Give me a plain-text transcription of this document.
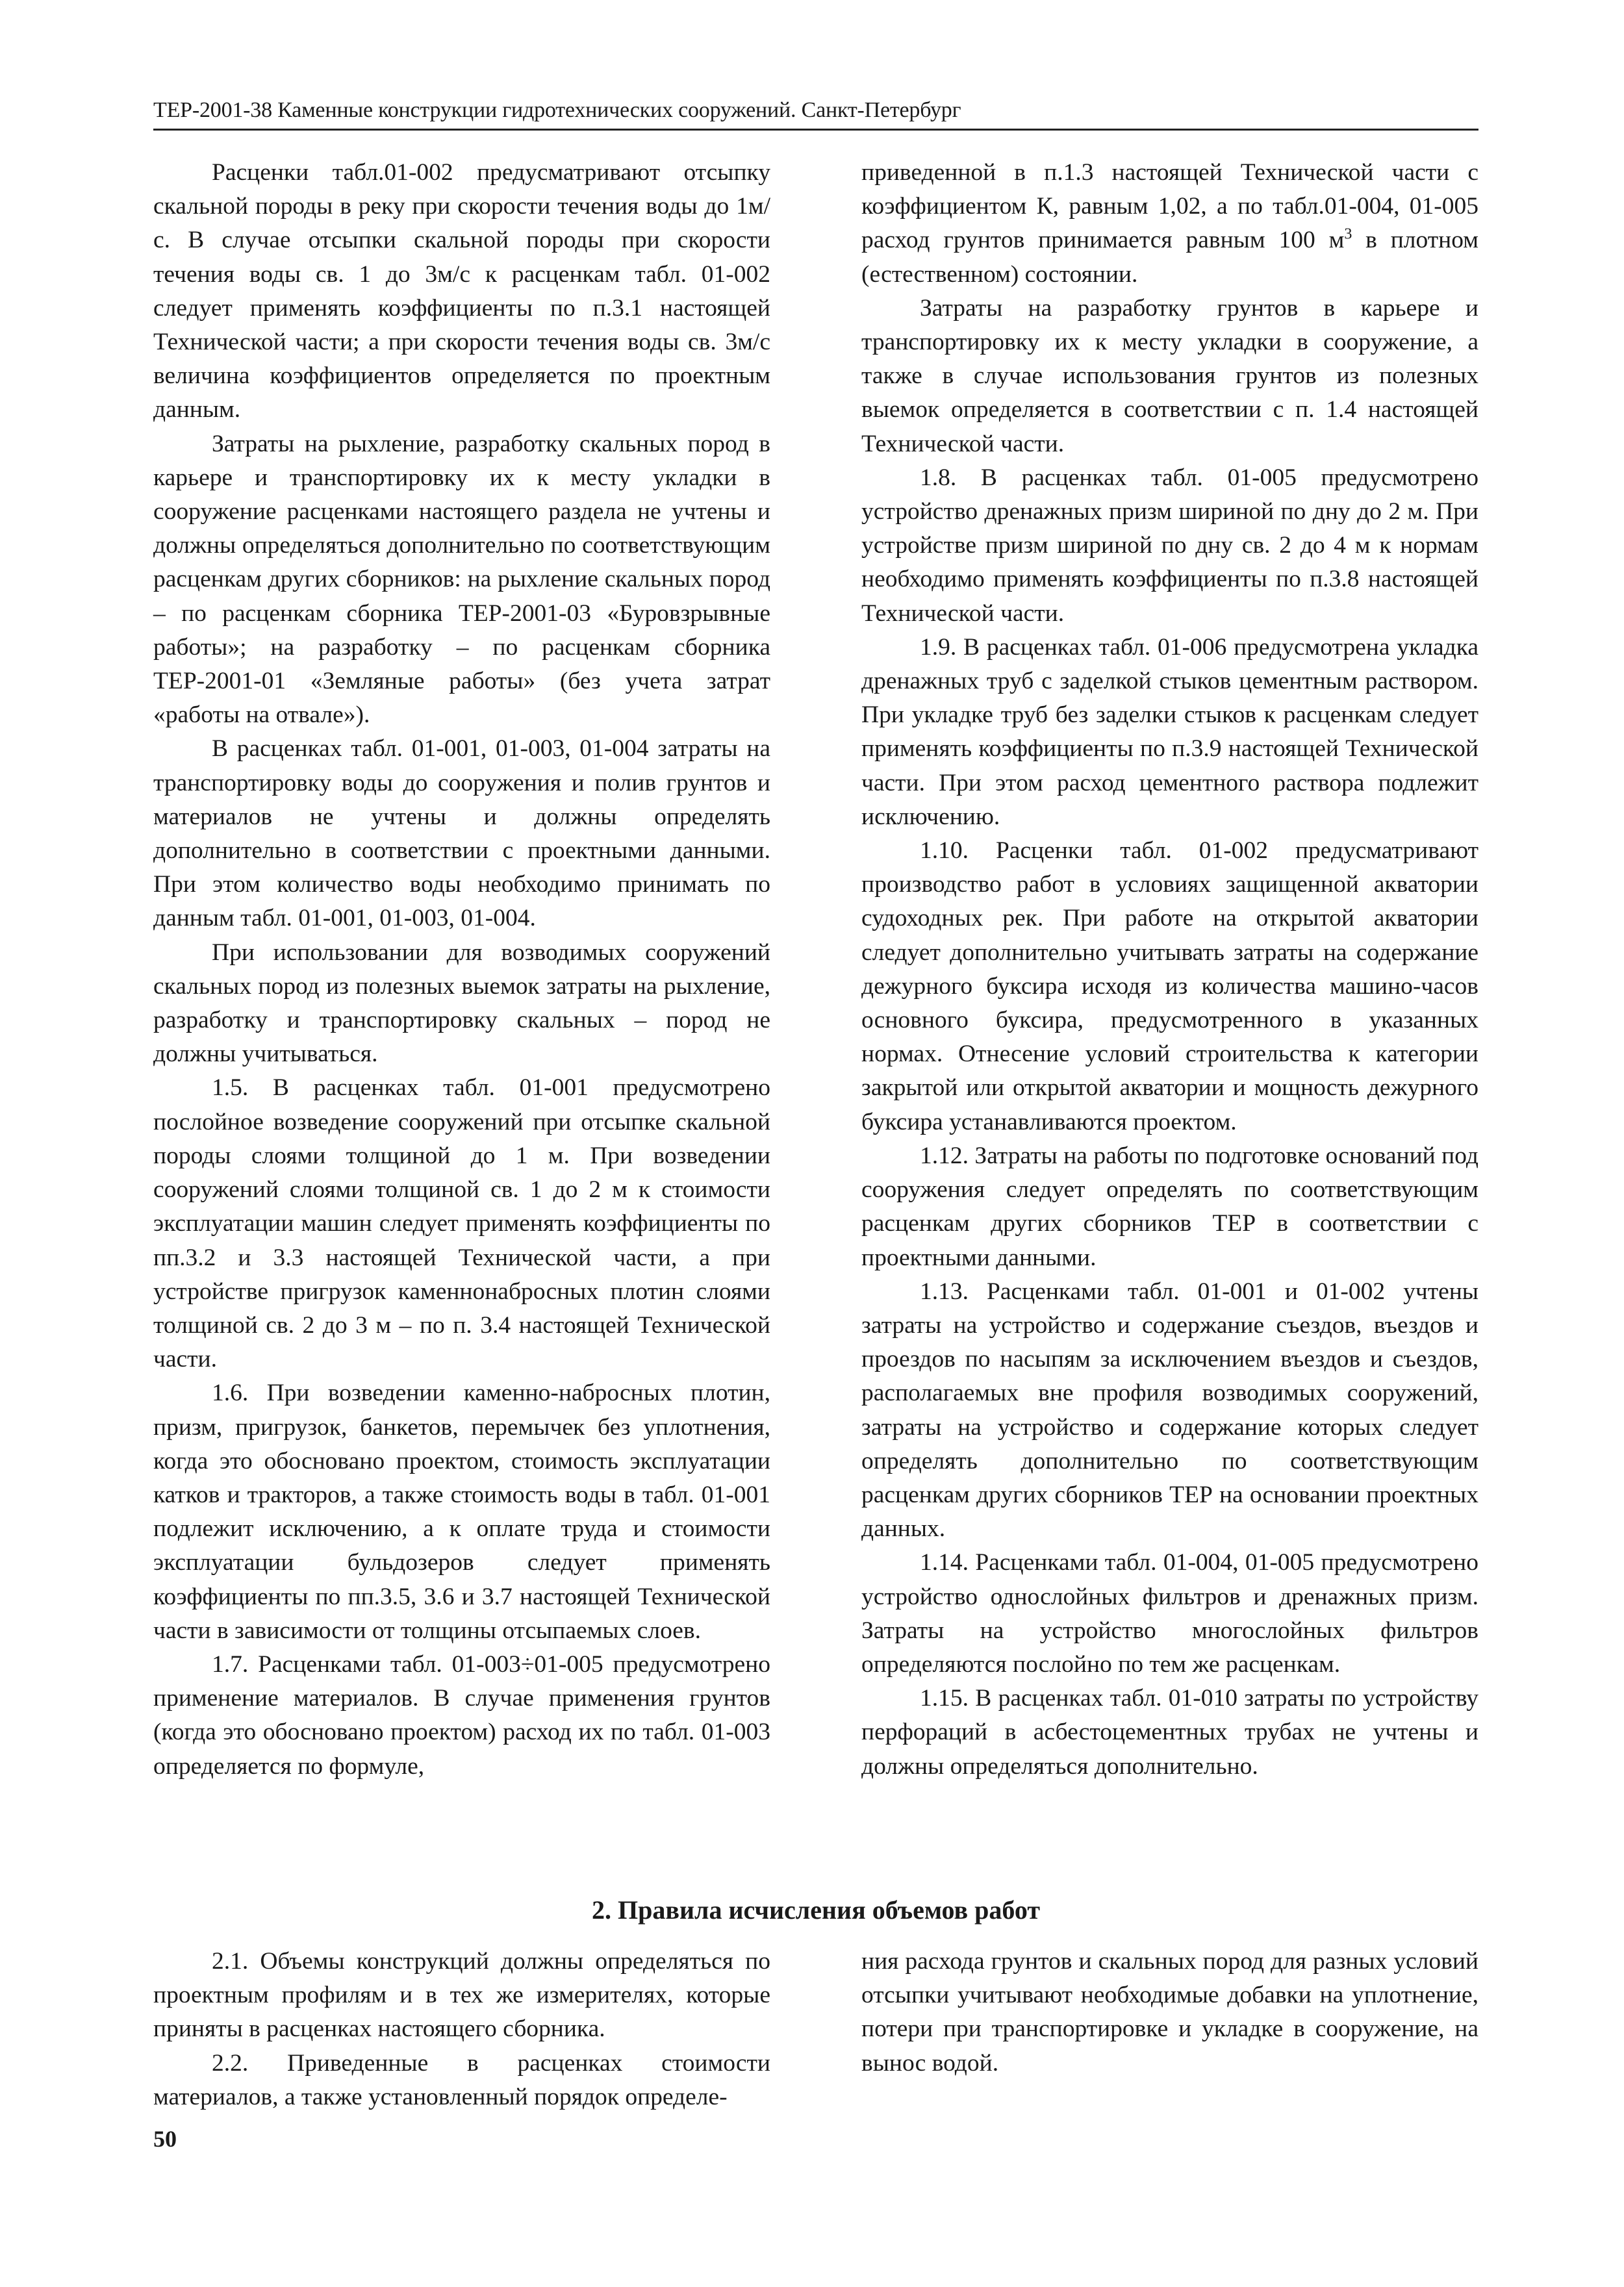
ТЕР-2001-38 Каменные конструкции гидротехнических сооружений. Санкт-Петербург

Расценки табл.01-002 предусматривают отсыпку скальной породы в реку при скорости течения воды до 1м/с. В случае отсыпки скальной породы при скорости течения воды св. 1 до 3м/с к расценкам табл. 01-002 следует применять коэффициенты по п.3.1 настоящей Технической части; а при скорости течения воды св. 3м/с величина коэффициентов определяется по проектным данным.

Затраты на рыхление, разработку скальных пород в карьере и транспортировку их к месту укладки в сооружение расценками настоящего раздела не учтены и должны определяться дополнительно по соответствующим расценкам других сборников: на рыхление скальных пород – по расценкам сборника ТЕР-2001-03 «Буровзрывные работы»; на разработку – по расценкам сборника ТЕР-2001-01 «Земляные работы» (без учета затрат «работы на отвале»).

В расценках табл. 01-001, 01-003, 01-004 затраты на транспортировку воды до сооружения и полив грунтов и материалов не учтены и должны определять дополнительно в соответствии с проектными данными. При этом количество воды необходимо принимать по данным табл. 01-001, 01-003, 01-004.

При использовании для возводимых сооружений скальных пород из полезных выемок затраты на рыхление, разработку и транспортировку скальных – пород не должны учитываться.

1.5. В расценках табл. 01-001 предусмотрено послойное возведение сооружений при отсыпке скальной породы слоями толщиной до 1 м. При возведении сооружений слоями толщиной св. 1 до 2 м к стоимости эксплуатации машин следует применять коэффициенты по пп.3.2 и 3.3 настоящей Технической части, а при устройстве пригрузок каменнонабросных плотин слоями толщиной св. 2 до 3 м – по п. 3.4 настоящей Технической части.

1.6. При возведении каменно-набросных плотин, призм, пригрузок, банкетов, перемычек без уплотнения, когда это обосновано проектом, стоимость эксплуатации катков и тракторов, а также стоимость воды в табл. 01-001 подлежит исключению, а к оплате труда и стоимости эксплуатации бульдозеров следует применять коэффициенты по пп.3.5, 3.6 и 3.7 настоящей Технической части в зависимости от толщины отсыпаемых слоев.

1.7. Расценками табл. 01-003÷01-005 предусмотрено применение материалов. В случае применения грунтов (когда это обосновано проектом) расход их по табл. 01-003 определяется по формуле,

приведенной в п.1.3 настоящей Технической части с коэффициентом К, равным 1,02, а по табл.01-004, 01-005 расход грунтов принимается равным 100 $м^3$ в плотном (естественном) состоянии.

Затраты на разработку грунтов в карьере и транспортировку их к месту укладки в сооружение, а также в случае использования грунтов из полезных выемок определяется в соответствии с п. 1.4 настоящей Технической части.

1.8. В расценках табл. 01-005 предусмотрено устройство дренажных призм шириной по дну до 2 м. При устройстве призм шириной по дну св. 2 до 4 м к нормам необходимо применять коэффициенты по п.3.8 настоящей Технической части.

1.9. В расценках табл. 01-006 предусмотрена укладка дренажных труб с заделкой стыков цементным раствором. При укладке труб без заделки стыков к расценкам следует применять коэффициенты по п.3.9 настоящей Технической части. При этом расход цементного раствора подлежит исключению.

1.10. Расценки табл. 01-002 предусматривают производство работ в условиях защищенной акватории судоходных рек. При работе на открытой акватории следует дополнительно учитывать затраты на содержание дежурного буксира исходя из количества машино-часов основного буксира, предусмотренного в указанных нормах. Отнесение условий строительства к категории закрытой или открытой акватории и мощность дежурного буксира устанавливаются проектом.

1.12. Затраты на работы по подготовке оснований под сооружения следует определять по соответствующим расценкам других сборников ТЕР в соответствии с проектными данными.

1.13. Расценками табл. 01-001 и 01-002 учтены затраты на устройство и содержание съездов, въездов и проездов по насыпям за исключением въездов и съездов, располагаемых вне профиля возводимых сооружений, затраты на устройство и содержание которых следует определять дополнительно по соответствующим расценкам других сборников ТЕР на основании проектных данных.

1.14. Расценками табл. 01-004, 01-005 предусмотрено устройство однослойных фильтров и дренажных призм. Затраты на устройство многослойных фильтров определяются послойно по тем же расценкам.

1.15. В расценках табл. 01-010 затраты по устройству перфораций в асбестоцементных трубах не учтены и должны определяться дополнительно.

2. Правила исчисления объемов работ

2.1. Объемы конструкций должны определяться по проектным профилям и в тех же измерителях, которые приняты в расценках настоящего сборника.

2.2. Приведенные в расценках стоимости материалов, а также установленный порядок определе-

ния расхода грунтов и скальных пород для разных условий отсыпки учитывают необходимые добавки на уплотнение, потери при транспортировке и укладке в сооружение, на вынос водой.

50
